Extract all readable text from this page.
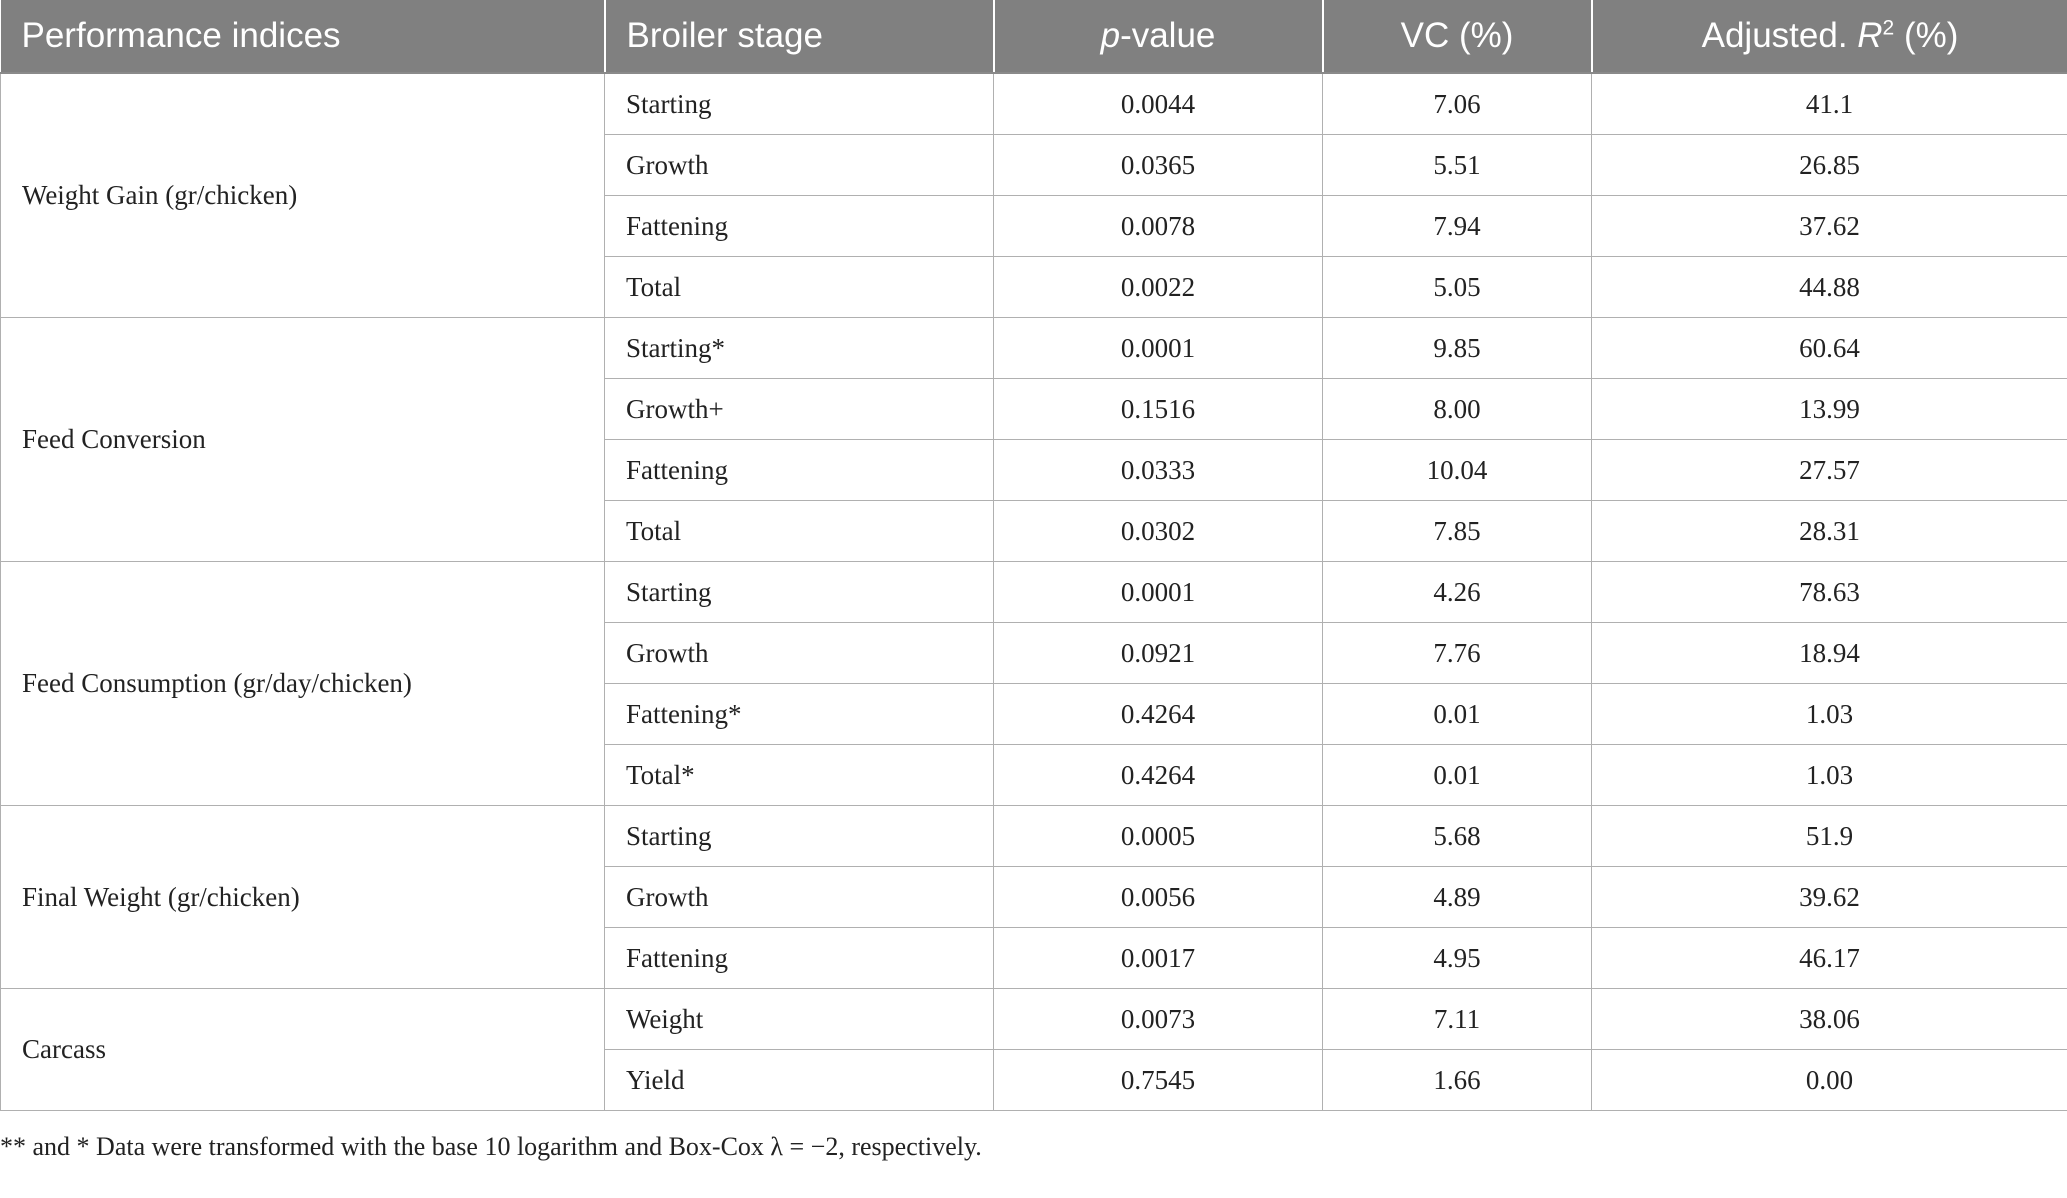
Performance indices	Broiler stage	p-value	VC (%)	Adjusted. $R^2$ (%)
Weight Gain (gr/chicken)	Starting	0.0044	7.06	41.1
	Growth	0.0365	5.51	26.85
	Fattening	0.0078	7.94	37.62
	Total	0.0022	5.05	44.88
Feed Conversion	Starting*	0.0001	9.85	60.64
	Growth+	0.1516	8.00	13.99
	Fattening	0.0333	10.04	27.57
	Total	0.0302	7.85	28.31
Feed Consumption (gr/day/chicken)	Starting	0.0001	4.26	78.63
	Growth	0.0921	7.76	18.94
	Fattening*	0.4264	0.01	1.03
	Total*	0.4264	0.01	1.03
Final Weight (gr/chicken)	Starting	0.0005	5.68	51.9
	Growth	0.0056	4.89	39.62
	Fattening	0.0017	4.95	46.17
Carcass	Weight	0.0073	7.11	38.06
	Yield	0.7545	1.66	0.00
** and * Data were transformed with the base 10 logarithm and Box-Cox λ = −2, respectively.
